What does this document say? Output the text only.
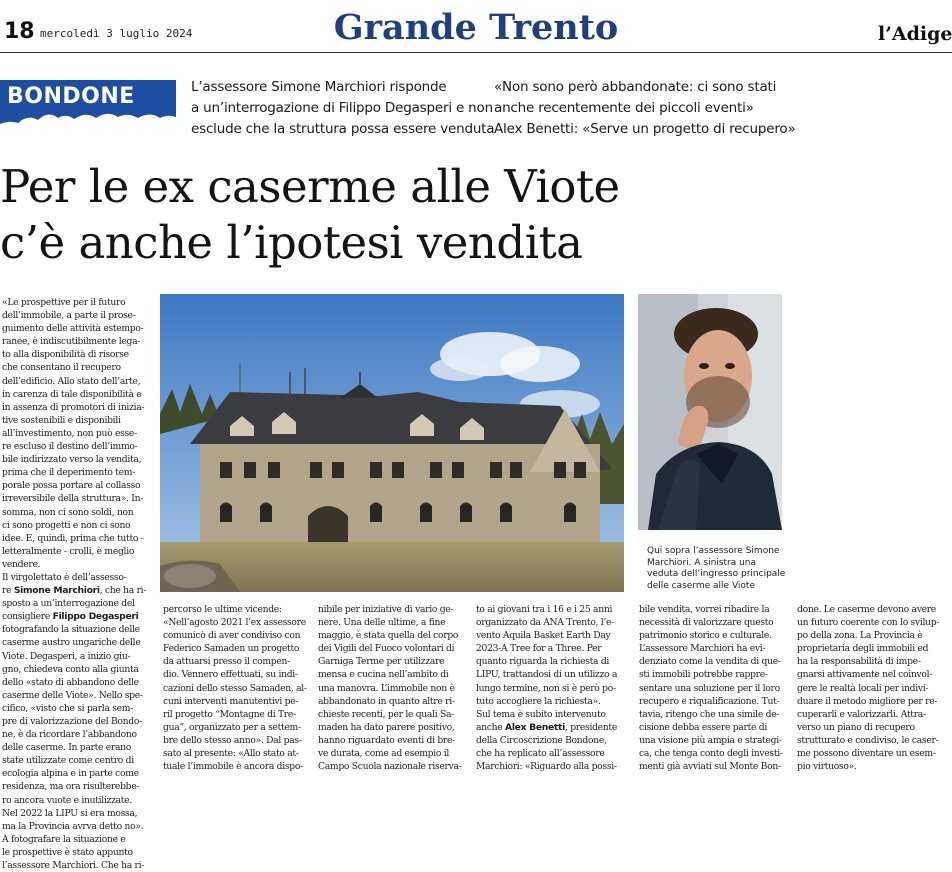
18 mercoledì 3 luglio 2024	Grande Trento	l’Adige
BONDONE	L’assessore Simone Marchiori risponde
a un’interrogazione di Filippo Degasperi e non
esclude che la struttura possa essere venduta
«Non sono però abbandonate: ci sono stati
anche recentemente dei piccoli eventi»
Alex Benetti: «Serve un progetto di recupero»
Per le ex caserme alle Viote
c’è anche l’ipotesi vendita
«Le prospettive per il futuro
dell’immobile, a parte il prose-
guimento delle attività estempo-
ranee, è indiscutibilmente lega-
to alla disponibilità di risorse
che consentano il recupero
dell’edificio. Allo stato dell’arte,
in carenza di tale disponibilità e
in assenza di promotori di inizia-
tive sostenibili e disponibili
all’investimento, non può esse-
re escluso il destino dell’immo-
bile indirizzato verso la vendita,
prima che il deperimento tem-
porale possa portare al collasso
irreversibile della struttura». In-
somma, non ci sono soldi, non
ci sono progetti e non ci sono
idee. E, quindi, prima che tutto -
letteralmente - crolli, è meglio
vendere.
Il virgolettato è dell’assesso-
re Simone Marchiori, che ha ri-
sposto a un’interrogazione del
consigliere Filippo Degasperi
fotografando la situazione delle
caserme austro ungariche delle
Viote. Degasperi, a inizio giu-
gno, chiedeva conto alla giunta
dello «stato di abbandono delle
caserme delle Viote». Nello spe-
cifico, «visto che si parla sem-
pre di valorizzazione del Bondo-
ne, è da ricordare l’abbandono
delle caserme. In parte erano
state utilizzate come centro di
ecologia alpina e in parte come
residenza, ma ora risulterebbe-
ro ancora vuote e inutilizzate.
Nel 2022 la LIPU si era mossa,
ma la Provincia avrva detto no».
A fotografare la situazione e
le prospettive è stato appunto
l’assessore Marchiori. Che ha ri-
percorso le ultime vicende:
«Nell’agosto 2021 l’ex assessore
comunicò di aver condiviso con
Federico Samaden un progetto
da attuarsi presso il compen-
dio. Vennero effettuati, su indi-
cazioni dello stesso Samaden, al-
cuni interventi manutentivi pe-
ril progetto “Montagne di Tre-
gua”, organizzato per a settem-
bre dello stesso anno». Dal pas-
sato al presente: «Allo stato at-
tuale l’immobile è ancora dispo-
nibile per iniziative di vario ge-
nere. Una delle ultime, a fine
maggio, è stata quella del corpo
dei Vigili del Fuoco volontari di
Garniga Terme per utilizzare
mensa e cucina nell’ambito di
una manovra. L’immobile non è
abbandonato in quanto altre ri-
chieste recenti, per le quali Sa-
maden ha dato parere positivo,
hanno riguardato eventi di bre-
ve durata, come ad esempio il
Campo Scuola nazionale riserva-
to ai giovani tra i 16 e i 25 anni
organizzato da ANA Trento, l’e-
vento Aquila Basket Earth Day
2023-A Tree for a Three. Per
quanto riguarda la richiesta di
LIPU, trattandosi di un utilizzo a
lungo termine, non si è però po-
tuto accogliere la richiesta».
Sul tema è subito intervenuto
anche Alex Benetti, presidente
della Circoscrizione Bondone,
che ha replicato all’assessore
Marchiori: «Riguardo alla possi-
bile vendita, vorrei ribadire la
necessità di valorizzare questo
patrimonio storico e culturale.
L’assessore Marchiori ha evi-
denziato come la vendita di que-
sti immobili potrebbe rappre-
sentare una soluzione per il loro
recupero e riqualificazione. Tut-
tavia, ritengo che una simile de-
cisione debba essere parte di
una visione più ampia e strategi-
ca, che tenga conto degli investi-
menti già avviati sul Monte Bon-
done. Le caserme devono avere
un futuro coerente con lo svilup-
po della zona. La Provincia è
proprietaria degli immobili ed
ha la responsabilità di impe-
gnarsi attivamente nel coinvol-
gere le realtà locali per indivi-
duare il metodo migliore per re-
cuperarli e valorizzarli. Attra-
verso un piano di recupero
strutturato e condiviso, le caser-
me possono diventare un esem-
pio virtuoso».
Qui sopra l’assessore Simone
Marchiori. A sinistra una
veduta dell’ingresso principale
delle caserme alle Viote
